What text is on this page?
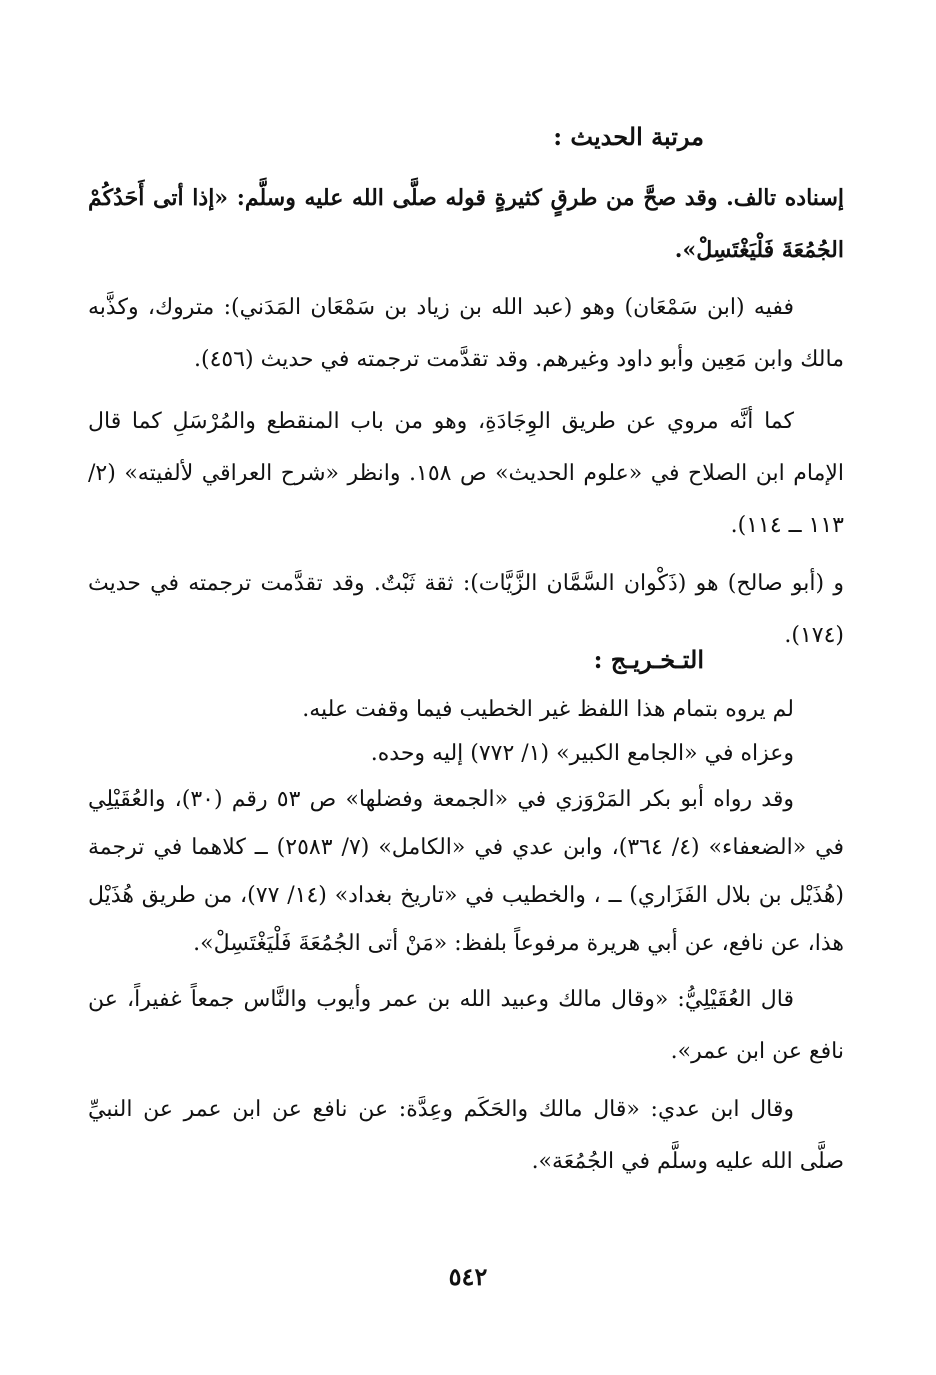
مرتبة الحديث :

إسناده تالف. وقد صحَّ من طرقٍ كثيرةٍ قوله صلَّى الله عليه وسلَّم: «إذا أتى أَحَدُكُمْ الجُمُعَةَ فَلْيَغْتَسِلْ».

ففيه (ابن سَمْعَان) وهو (عبد الله بن زياد بن سَمْعَان المَدَني): متروك، وكذَّبه مالك وابن مَعِين وأبو داود وغيرهم. وقد تقدَّمت ترجمته في حديث (٤٥٦).

كما أنَّه مروي عن طريق الوِجَادَةِ، وهو من باب المنقطع والمُرْسَلِ كما قال الإمام ابن الصلاح في «علوم الحديث» ص ١٥٨. وانظر «شرح العراقي لألفيته» (٢/ ١١٣ ــ ١١٤).

و (أبو صالح) هو (ذَكْوان السَّمَّان الزَّيَّات): ثقة ثَبْتٌ. وقد تقدَّمت ترجمته في حديث (١٧٤).

التـخـريـج :

لم يروه بتمام هذا اللفظ غير الخطيب فيما وقفت عليه.

وعزاه في «الجامع الكبير» (١/ ٧٧٢) إليه وحده.

وقد رواه أبو بكر المَرْوَزي في «الجمعة وفضلها» ص ٥٣ رقم (٣٠)، والعُقَيْلِي في «الضعفاء» (٤/ ٣٦٤)، وابن عدي في «الكامل» (٧/ ٢٥٨٣) ــ كلاهما في ترجمة (هُذَيْل بن بلال الفَزَاري) ــ ، والخطيب في «تاريخ بغداد» (١٤/ ٧٧)، من طريق هُذَيْل هذا، عن نافع، عن أبي هريرة مرفوعاً بلفظ: «مَنْ أتى الجُمُعَةَ فَلْيَغْتَسِلْ».

قال العُقَيْلِيُّ: «وقال مالك وعبيد الله بن عمر وأيوب والنَّاس جمعاً غفيراً، عن نافع عن ابن عمر».

وقال ابن عدي: «قال مالك والحَكَم وعِدَّة: عن نافع عن ابن عمر عن النبيِّ صلَّى الله عليه وسلَّم في الجُمُعَة».

٥٤٢
